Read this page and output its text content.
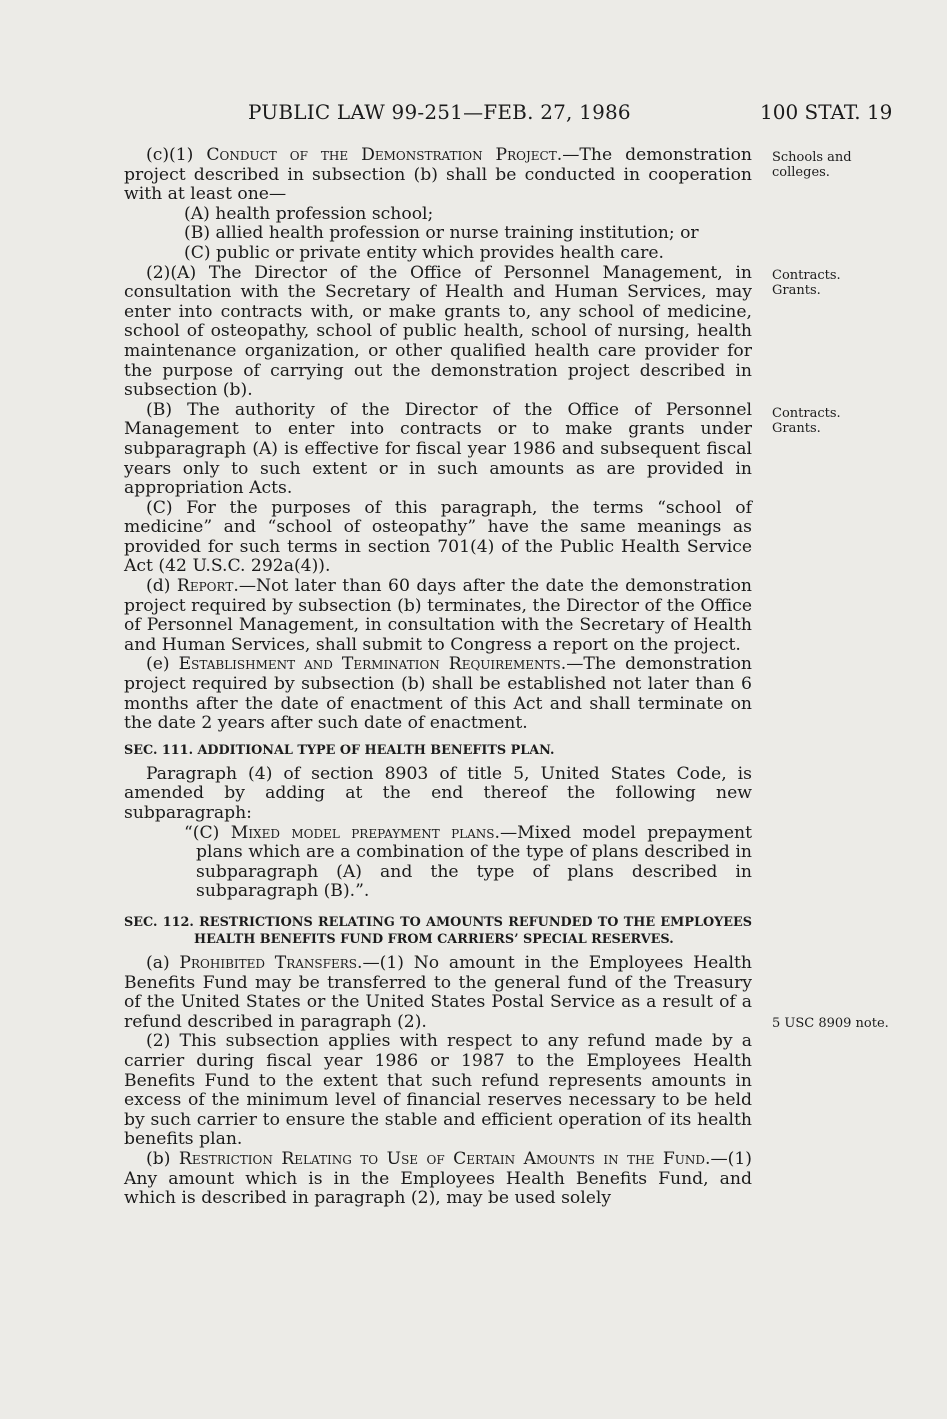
PUBLIC LAW 99-251—FEB. 27, 1986	100 STAT. 19
Schools and colleges.
Contracts. Grants.
Contracts. Grants.
5 USC 8909 note.

(c)(1) Conduct of the Demonstration Project.—The demonstration project described in subsection (b) shall be conducted in cooperation with at least one—

(A) health profession school;

(B) allied health profession or nurse training institution; or

(C) public or private entity which provides health care.

(2)(A) The Director of the Office of Personnel Management, in consultation with the Secretary of Health and Human Services, may enter into contracts with, or make grants to, any school of medicine, school of osteopathy, school of public health, school of nursing, health maintenance organization, or other qualified health care provider for the purpose of carrying out the demonstration project described in subsection (b).

(B) The authority of the Director of the Office of Personnel Management to enter into contracts or to make grants under subparagraph (A) is effective for fiscal year 1986 and subsequent fiscal years only to such extent or in such amounts as are provided in appropriation Acts.

(C) For the purposes of this paragraph, the terms “school of medicine” and “school of osteopathy” have the same meanings as provided for such terms in section 701(4) of the Public Health Service Act (42 U.S.C. 292a(4)).

(d) Report.—Not later than 60 days after the date the demonstration project required by subsection (b) terminates, the Director of the Office of Personnel Management, in consultation with the Secretary of Health and Human Services, shall submit to Congress a report on the project.

(e) Establishment and Termination Requirements.—The demonstration project required by subsection (b) shall be established not later than 6 months after the date of enactment of this Act and shall terminate on the date 2 years after such date of enactment.

SEC. 111. ADDITIONAL TYPE OF HEALTH BENEFITS PLAN.

Paragraph (4) of section 8903 of title 5, United States Code, is amended by adding at the end thereof the following new subparagraph:

“(C) Mixed model prepayment plans.—Mixed model prepayment plans which are a combination of the type of plans described in subparagraph (A) and the type of plans described in subparagraph (B).”.

SEC. 112. RESTRICTIONS RELATING TO AMOUNTS REFUNDED TO THE EMPLOYEES HEALTH BENEFITS FUND FROM CARRIERS’ SPECIAL RESERVES.

(a) Prohibited Transfers.—(1) No amount in the Employees Health Benefits Fund may be transferred to the general fund of the Treasury of the United States or the United States Postal Service as a result of a refund described in paragraph (2).

(2) This subsection applies with respect to any refund made by a carrier during fiscal year 1986 or 1987 to the Employees Health Benefits Fund to the extent that such refund represents amounts in excess of the minimum level of financial reserves necessary to be held by such carrier to ensure the stable and efficient operation of its health benefits plan.

(b) Restriction Relating to Use of Certain Amounts in the Fund.—(1) Any amount which is in the Employees Health Benefits Fund, and which is described in paragraph (2), may be used solely
